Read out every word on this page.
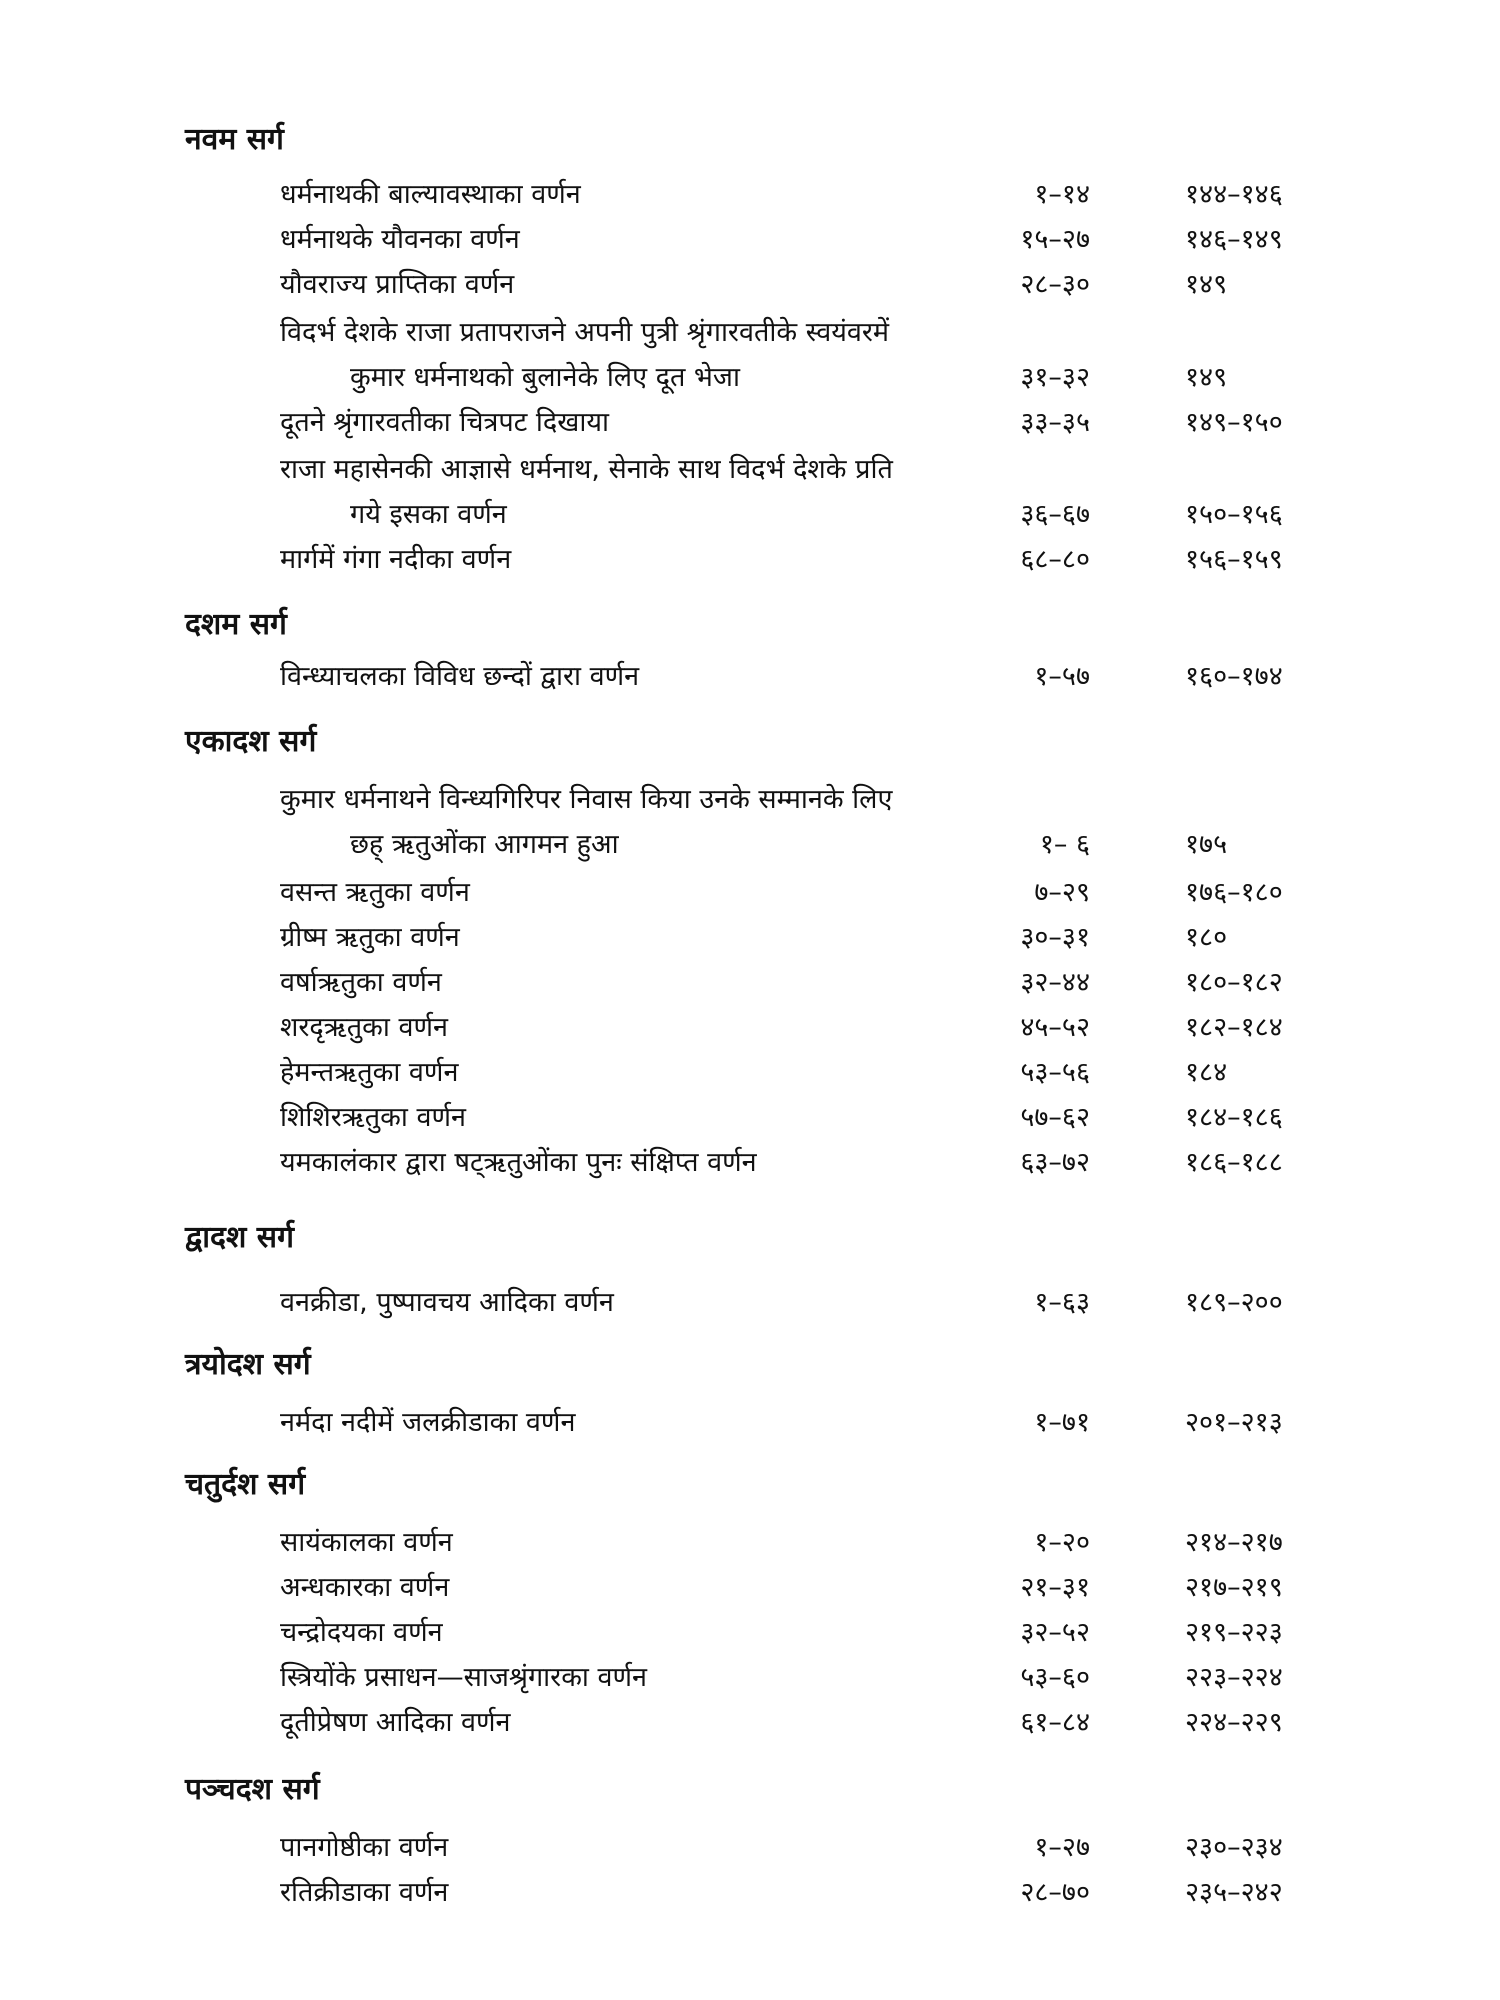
नवम सर्ग
धर्मनाथकी बाल्यावस्थाका वर्णन	१–१४	१४४–१४६
धर्मनाथके यौवनका वर्णन	१५–२७	१४६–१४९
यौवराज्य प्राप्तिका वर्णन	२८–३०	१४९
विदर्भ देशके राजा प्रतापराजने अपनी पुत्री श्रृंगारवतीके स्वयंवरमें
कुमार धर्मनाथको बुलानेके लिए दूत भेजा	३१–३२	१४९
दूतने श्रृंगारवतीका चित्रपट दिखाया	३३–३५	१४९–१५०
राजा महासेनकी आज्ञासे धर्मनाथ, सेनाके साथ विदर्भ देशके प्रति
गये इसका वर्णन	३६–६७	१५०–१५६
मार्गमें गंगा नदीका वर्णन	६८–८०	१५६–१५९
दशम सर्ग
विन्ध्याचलका विविध छन्दों द्वारा वर्णन	१–५७	१६०–१७४
एकादश सर्ग
कुमार धर्मनाथने विन्ध्यगिरिपर निवास किया उनके सम्मानके लिए
छह् ऋतुओंका आगमन हुआ	१– ६	१७५
वसन्त ऋतुका वर्णन	७–२९	१७६–१८०
ग्रीष्म ऋतुका वर्णन	३०–३१	१८०
वर्षाऋतुका वर्णन	३२–४४	१८०–१८२
शरदृऋतुका वर्णन	४५–५२	१८२–१८४
हेमन्तऋतुका वर्णन	५३–५६	१८४
शिशिरऋतुका वर्णन	५७–६२	१८४–१८६
यमकालंकार द्वारा षट्ऋतुओंका पुनः संक्षिप्त वर्णन	६३–७२	१८६–१८८
द्वादश सर्ग
वनक्रीडा, पुष्पावचय आदिका वर्णन	१–६३	१८९–२००
त्रयोदश सर्ग
नर्मदा नदीमें जलक्रीडाका वर्णन	१–७१	२०१–२१३
चतुर्दश सर्ग
सायंकालका वर्णन	१–२०	२१४–२१७
अन्धकारका वर्णन	२१–३१	२१७–२१९
चन्द्रोदयका वर्णन	३२–५२	२१९–२२३
स्त्रियोंके प्रसाधन—साजश्रृंगारका वर्णन	५३–६०	२२३–२२४
दूतीप्रेषण आदिका वर्णन	६१–८४	२२४–२२९
पञ्चदश सर्ग
पानगोष्ठीका वर्णन	१–२७	२३०–२३४
रतिक्रीडाका वर्णन	२८–७०	२३५–२४२
